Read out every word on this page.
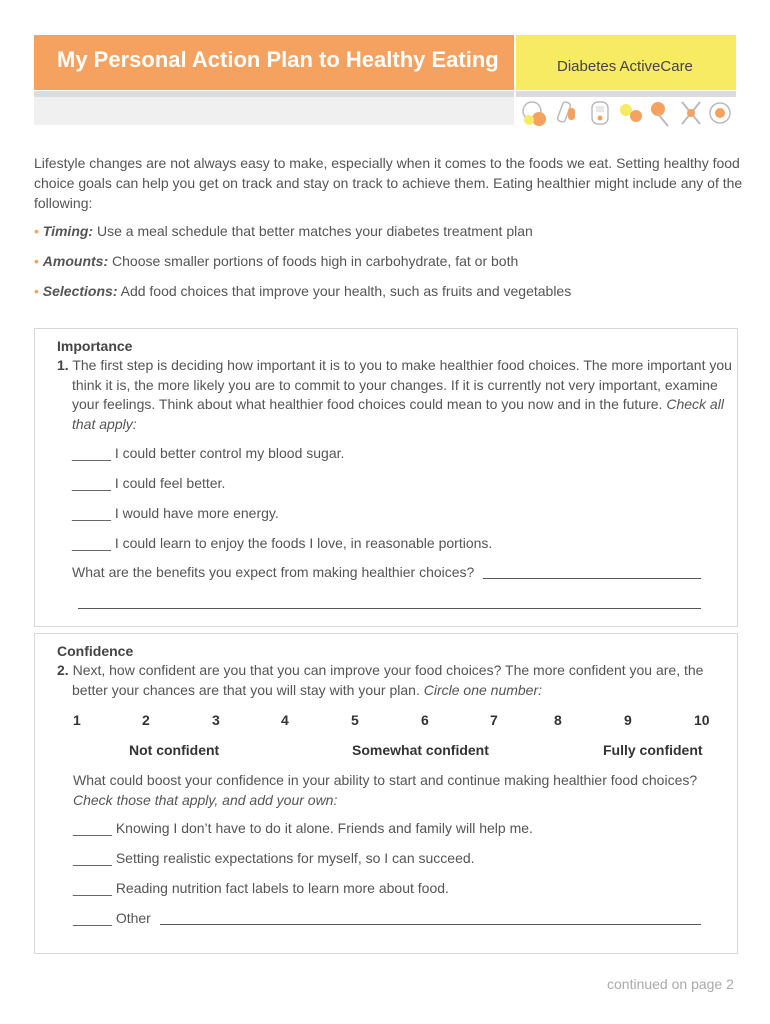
My Personal Action Plan to Healthy Eating	Diabetes ActiveCare
Lifestyle changes are not always easy to make, especially when it comes to the foods we eat. Setting healthy food choice goals can help you get on track and stay on track to achieve them. Eating healthier might include any of the following:
• Timing: Use a meal schedule that better matches your diabetes treatment plan
• Amounts: Choose smaller portions of foods high in carbohydrate, fat or both
• Selections: Add food choices that improve your health, such as fruits and vegetables
Importance
1. The first step is deciding how important it is to you to make healthier food choices. The more important you think it is, the more likely you are to commit to your changes. If it is currently not very important, examine your feelings. Think about what healthier food choices could mean to you now and in the future. Check all that apply:
_____ I could better control my blood sugar.
_____ I could feel better.
_____ I would have more energy.
_____ I could learn to enjoy the foods I love, in reasonable portions.
What are the benefits you expect from making healthier choices?
Confidence
2. Next, how confident are you that you can improve your food choices? The more confident you are, the better your chances are that you will stay with your plan. Circle one number:
1	2	3	4	5	6	7	8	9	10
Not confident	Somewhat confident	Fully confident
What could boost your confidence in your ability to start and continue making healthier food choices?
Check those that apply, and add your own:
_____ Knowing I don’t have to do it alone. Friends and family will help me.
_____ Setting realistic expectations for myself, so I can succeed.
_____ Reading nutrition fact labels to learn more about food.
_____ Other
continued on page 2
